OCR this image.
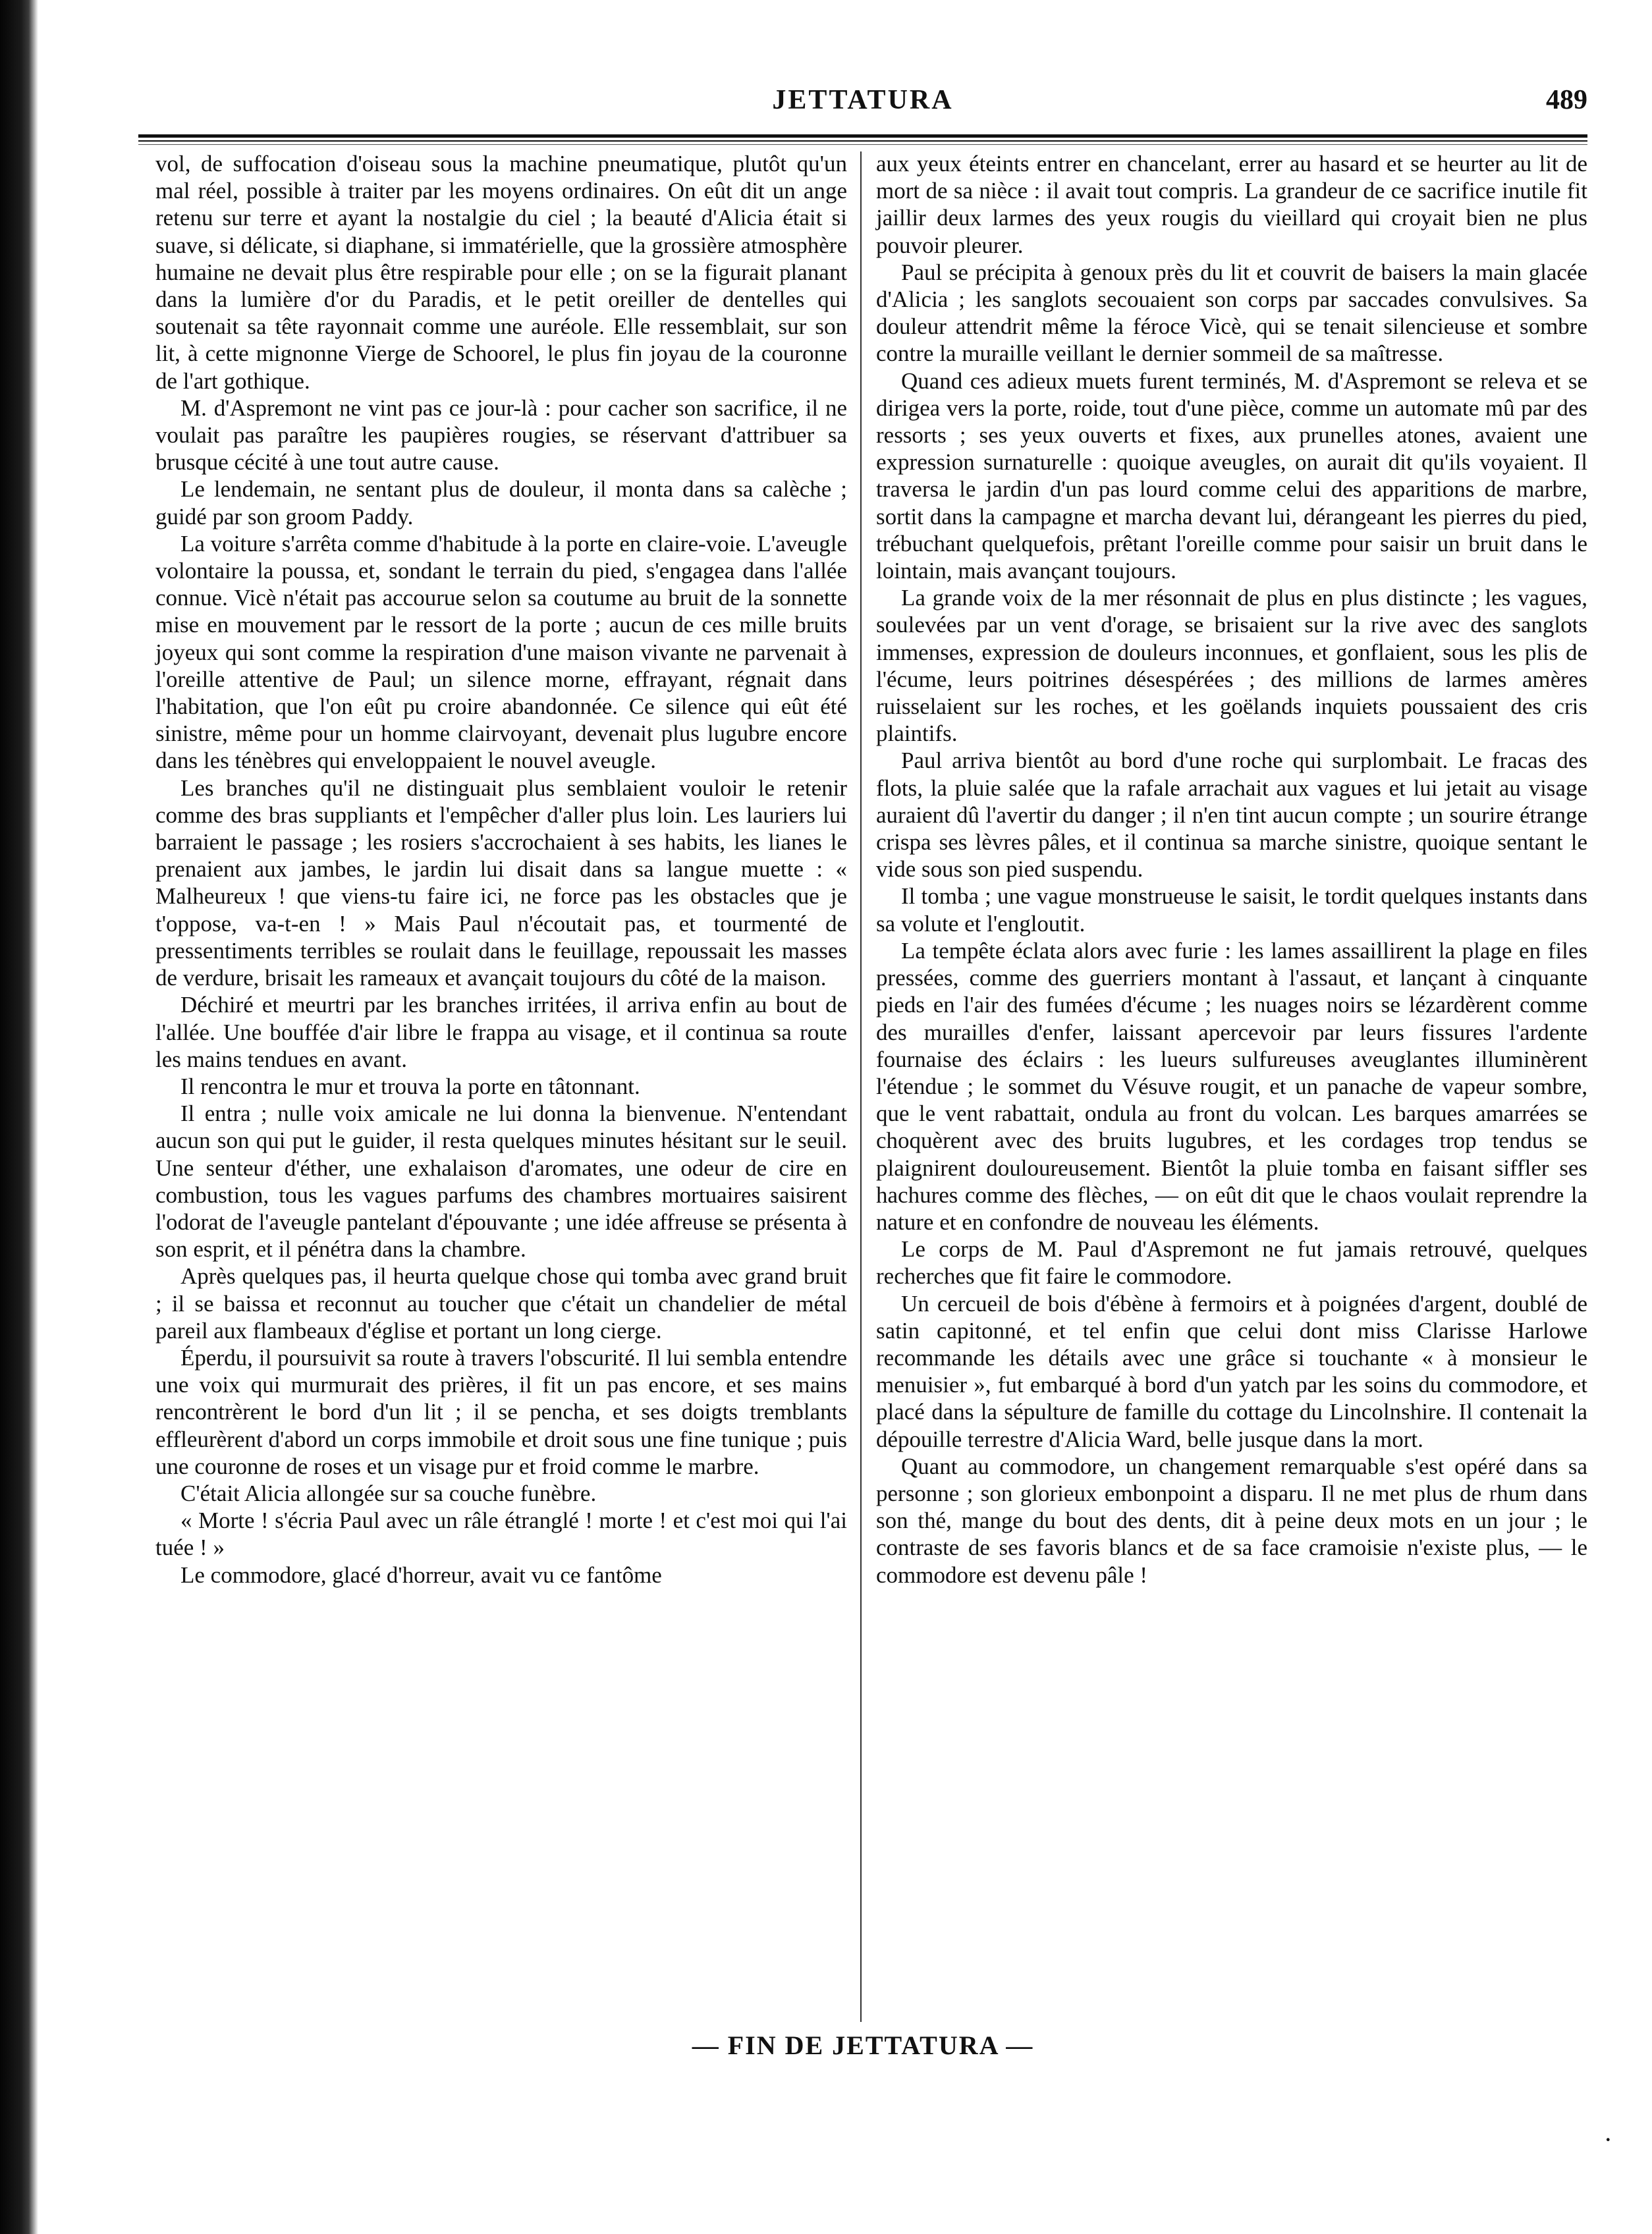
JETTATURA	489

vol, de suffocation d'oiseau sous la machine pneumatique, plutôt qu'un mal réel, possible à traiter par les moyens ordinaires. On eût dit un ange retenu sur terre et ayant la nostalgie du ciel ; la beauté d'Alicia était si suave, si délicate, si diaphane, si immatérielle, que la grossière atmosphère humaine ne devait plus être respirable pour elle ; on se la figurait planant dans la lumière d'or du Paradis, et le petit oreiller de dentelles qui soutenait sa tête rayonnait comme une auréole. Elle ressemblait, sur son lit, à cette mignonne Vierge de Schoorel, le plus fin joyau de la couronne de l'art gothique.

M. d'Aspremont ne vint pas ce jour-là : pour cacher son sacrifice, il ne voulait pas paraître les paupières rougies, se réservant d'attribuer sa brusque cécité à une tout autre cause.

Le lendemain, ne sentant plus de douleur, il monta dans sa calèche ; guidé par son groom Paddy.

La voiture s'arrêta comme d'habitude à la porte en claire-voie. L'aveugle volontaire la poussa, et, sondant le terrain du pied, s'engagea dans l'allée connue. Vicè n'était pas accourue selon sa coutume au bruit de la sonnette mise en mouvement par le ressort de la porte ; aucun de ces mille bruits joyeux qui sont comme la respiration d'une maison vivante ne parvenait à l'oreille attentive de Paul; un silence morne, effrayant, régnait dans l'habitation, que l'on eût pu croire abandonnée. Ce silence qui eût été sinistre, même pour un homme clairvoyant, devenait plus lugubre encore dans les ténèbres qui enveloppaient le nouvel aveugle.

Les branches qu'il ne distinguait plus semblaient vouloir le retenir comme des bras suppliants et l'empêcher d'aller plus loin. Les lauriers lui barraient le passage ; les rosiers s'accrochaient à ses habits, les lianes le prenaient aux jambes, le jardin lui disait dans sa langue muette : « Malheureux ! que viens-tu faire ici, ne force pas les obstacles que je t'oppose, va-t-en ! » Mais Paul n'écoutait pas, et tourmenté de pressentiments terribles se roulait dans le feuillage, repoussait les masses de verdure, brisait les rameaux et avançait toujours du côté de la maison.

Déchiré et meurtri par les branches irritées, il arriva enfin au bout de l'allée. Une bouffée d'air libre le frappa au visage, et il continua sa route les mains tendues en avant.

Il rencontra le mur et trouva la porte en tâtonnant.

Il entra ; nulle voix amicale ne lui donna la bienvenue. N'entendant aucun son qui put le guider, il resta quelques minutes hésitant sur le seuil. Une senteur d'éther, une exhalaison d'aromates, une odeur de cire en combustion, tous les vagues parfums des chambres mortuaires saisirent l'odorat de l'aveugle pantelant d'épouvante ; une idée affreuse se présenta à son esprit, et il pénétra dans la chambre.

Après quelques pas, il heurta quelque chose qui tomba avec grand bruit ; il se baissa et reconnut au toucher que c'était un chandelier de métal pareil aux flambeaux d'église et portant un long cierge.

Éperdu, il poursuivit sa route à travers l'obscurité. Il lui sembla entendre une voix qui murmurait des prières, il fit un pas encore, et ses mains rencontrèrent le bord d'un lit ; il se pencha, et ses doigts tremblants effleurèrent d'abord un corps immobile et droit sous une fine tunique ; puis une couronne de roses et un visage pur et froid comme le marbre.

C'était Alicia allongée sur sa couche funèbre.

« Morte ! s'écria Paul avec un râle étranglé ! morte ! et c'est moi qui l'ai tuée ! »

Le commodore, glacé d'horreur, avait vu ce fantôme

aux yeux éteints entrer en chancelant, errer au hasard et se heurter au lit de mort de sa nièce : il avait tout compris. La grandeur de ce sacrifice inutile fit jaillir deux larmes des yeux rougis du vieillard qui croyait bien ne plus pouvoir pleurer.

Paul se précipita à genoux près du lit et couvrit de baisers la main glacée d'Alicia ; les sanglots secouaient son corps par saccades convulsives. Sa douleur attendrit même la féroce Vicè, qui se tenait silencieuse et sombre contre la muraille veillant le dernier sommeil de sa maîtresse.

Quand ces adieux muets furent terminés, M. d'Aspremont se releva et se dirigea vers la porte, roide, tout d'une pièce, comme un automate mû par des ressorts ; ses yeux ouverts et fixes, aux prunelles atones, avaient une expression surnaturelle : quoique aveugles, on aurait dit qu'ils voyaient. Il traversa le jardin d'un pas lourd comme celui des apparitions de marbre, sortit dans la campagne et marcha devant lui, dérangeant les pierres du pied, trébuchant quelquefois, prêtant l'oreille comme pour saisir un bruit dans le lointain, mais avançant toujours.

La grande voix de la mer résonnait de plus en plus distincte ; les vagues, soulevées par un vent d'orage, se brisaient sur la rive avec des sanglots immenses, expression de douleurs inconnues, et gonflaient, sous les plis de l'écume, leurs poitrines désespérées ; des millions de larmes amères ruisselaient sur les roches, et les goëlands inquiets poussaient des cris plaintifs.

Paul arriva bientôt au bord d'une roche qui surplombait. Le fracas des flots, la pluie salée que la rafale arrachait aux vagues et lui jetait au visage auraient dû l'avertir du danger ; il n'en tint aucun compte ; un sourire étrange crispa ses lèvres pâles, et il continua sa marche sinistre, quoique sentant le vide sous son pied suspendu.

Il tomba ; une vague monstrueuse le saisit, le tordit quelques instants dans sa volute et l'engloutit.

La tempête éclata alors avec furie : les lames assaillirent la plage en files pressées, comme des guerriers montant à l'assaut, et lançant à cinquante pieds en l'air des fumées d'écume ; les nuages noirs se lézardèrent comme des murailles d'enfer, laissant apercevoir par leurs fissures l'ardente fournaise des éclairs : les lueurs sulfureuses aveuglantes illuminèrent l'étendue ; le sommet du Vésuve rougit, et un panache de vapeur sombre, que le vent rabattait, ondula au front du volcan. Les barques amarrées se choquèrent avec des bruits lugubres, et les cordages trop tendus se plaignirent douloureusement. Bientôt la pluie tomba en faisant siffler ses hachures comme des flèches, — on eût dit que le chaos voulait reprendre la nature et en confondre de nouveau les éléments.

Le corps de M. Paul d'Aspremont ne fut jamais retrouvé, quelques recherches que fit faire le commodore.

Un cercueil de bois d'ébène à fermoirs et à poignées d'argent, doublé de satin capitonné, et tel enfin que celui dont miss Clarisse Harlowe recommande les détails avec une grâce si touchante « à monsieur le menuisier », fut embarqué à bord d'un yatch par les soins du commodore, et placé dans la sépulture de famille du cottage du Lincolnshire. Il contenait la dépouille terrestre d'Alicia Ward, belle jusque dans la mort.

Quant au commodore, un changement remarquable s'est opéré dans sa personne ; son glorieux embonpoint a disparu. Il ne met plus de rhum dans son thé, mange du bout des dents, dit à peine deux mots en un jour ; le contraste de ses favoris blancs et de sa face cramoisie n'existe plus, — le commodore est devenu pâle !

— FIN DE JETTATURA —
·
